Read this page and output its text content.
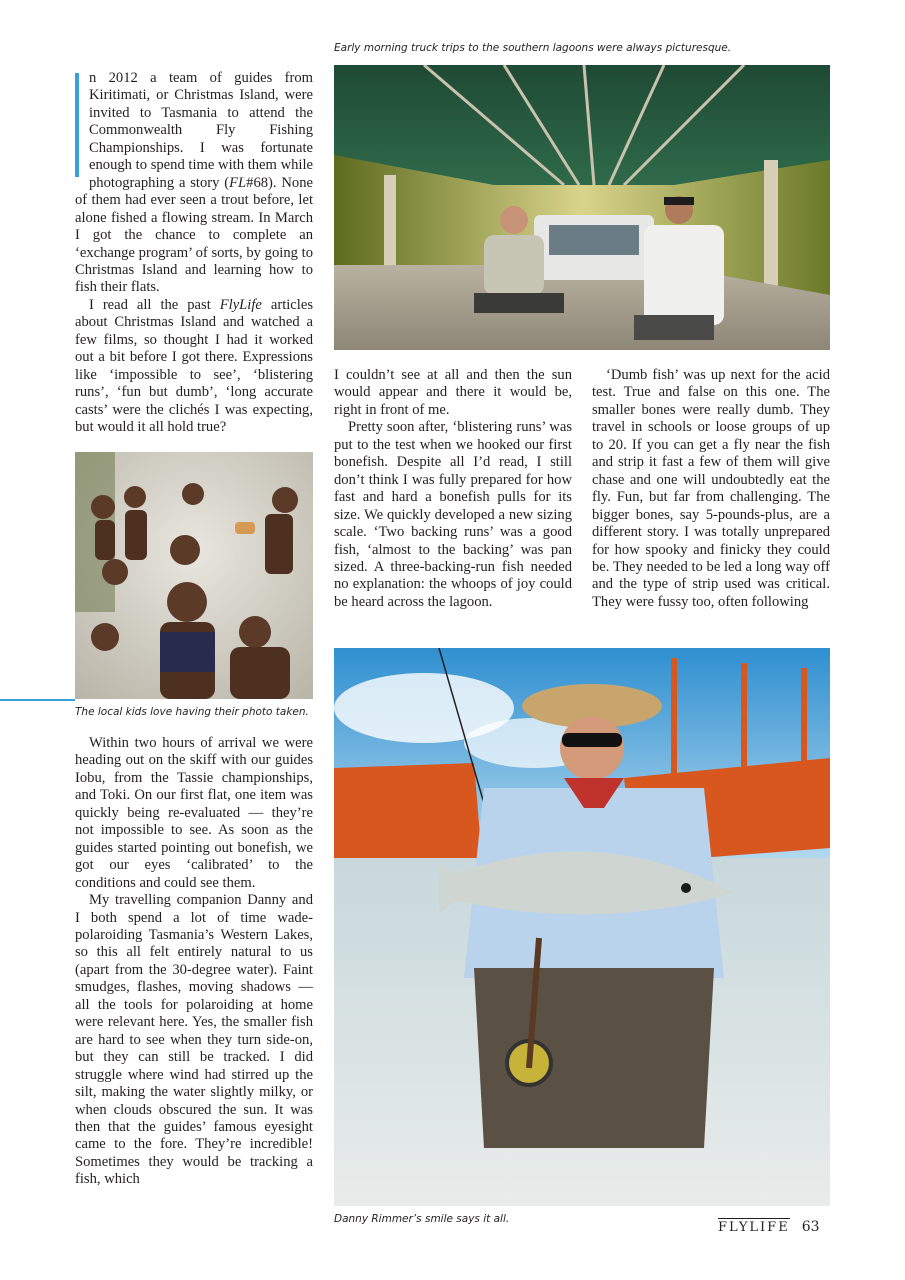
Early morning truck trips to the southern lagoons were always picturesque.

n 2012 a team of guides from Kiritimati, or Christmas Island, were invited to Tasmania to attend the Commonwealth Fly Fishing Championships. I was fortunate enough to spend time with them while photographing a story (FL#68). None of them had ever seen a trout before, let alone fished a flowing stream. In March I got the chance to complete an ‘exchange program’ of sorts, by going to Christmas Island and learning how to fish their flats.

I read all the past FlyLife articles about Christmas Island and watched a few films, so thought I had it worked out a bit before I got there. Expressions like ‘impossible to see’, ‘blistering runs’, ‘fun but dumb’, ‘long accurate casts’ were the clichés I was expecting, but would it all hold true?

The local kids love having their photo taken.

Within two hours of arrival we were heading out on the skiff with our guides Iobu, from the Tassie championships, and Toki. On our first flat, one item was quickly being re-evaluated — they’re not impossible to see. As soon as the guides started pointing out bonefish, we got our eyes ‘calibrated’ to the conditions and could see them.

My travelling companion Danny and I both spend a lot of time wade-polaroiding Tasmania’s Western Lakes, so this all felt entirely natural to us (apart from the 30-degree water). Faint smudges, flashes, moving shadows — all the tools for polaroiding at home were relevant here. Yes, the smaller fish are hard to see when they turn side-on, but they can still be tracked. I did struggle where wind had stirred up the silt, making the water slightly milky, or when clouds obscured the sun. It was then that the guides’ famous eyesight came to the fore. They’re incredible! Sometimes they would be tracking a fish, which

I couldn’t see at all and then the sun would appear and there it would be, right in front of me.

Pretty soon after, ‘blistering runs’ was put to the test when we hooked our first bonefish. Despite all I’d read, I still don’t think I was fully prepared for how fast and hard a bonefish pulls for its size. We quickly developed a new sizing scale. ‘Two backing runs’ was a good fish, ‘almost to the backing’ was pan sized. A three-backing-run fish needed no explanation: the whoops of joy could be heard across the lagoon.

‘Dumb fish’ was up next for the acid test. True and false on this one. The smaller bones were really dumb. They travel in schools or loose groups of up to 20. If you can get a fly near the fish and strip it fast a few of them will give chase and one will undoubtedly eat the fly. Fun, but far from challenging. The bigger bones, say 5-pounds-plus, are a different story. I was totally unprepared for how spooky and finicky they could be. They needed to be led a long way off and the type of strip used was critical. They were fussy too, often following

Danny Rimmer’s smile says it all.
FLYLIFE 63
